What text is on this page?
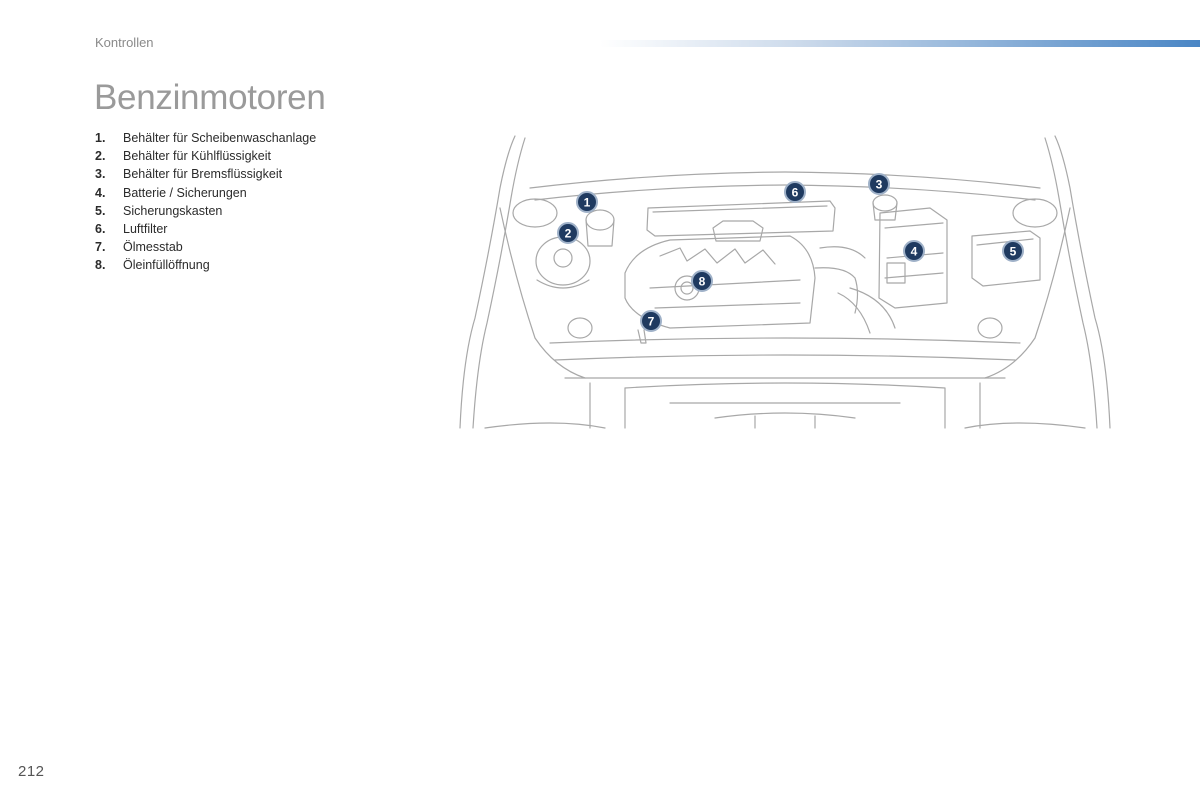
Kontrollen
Benzinmotoren
1. Behälter für Scheibenwaschanlage
2. Behälter für Kühlflüssigkeit
3. Behälter für Bremsflüssigkeit
4. Batterie / Sicherungen
5. Sicherungskasten
6. Luftfilter
7. Ölmesstab
8. Öleinfüllöffnung
1
2
3
4	5
6
7
8
212
